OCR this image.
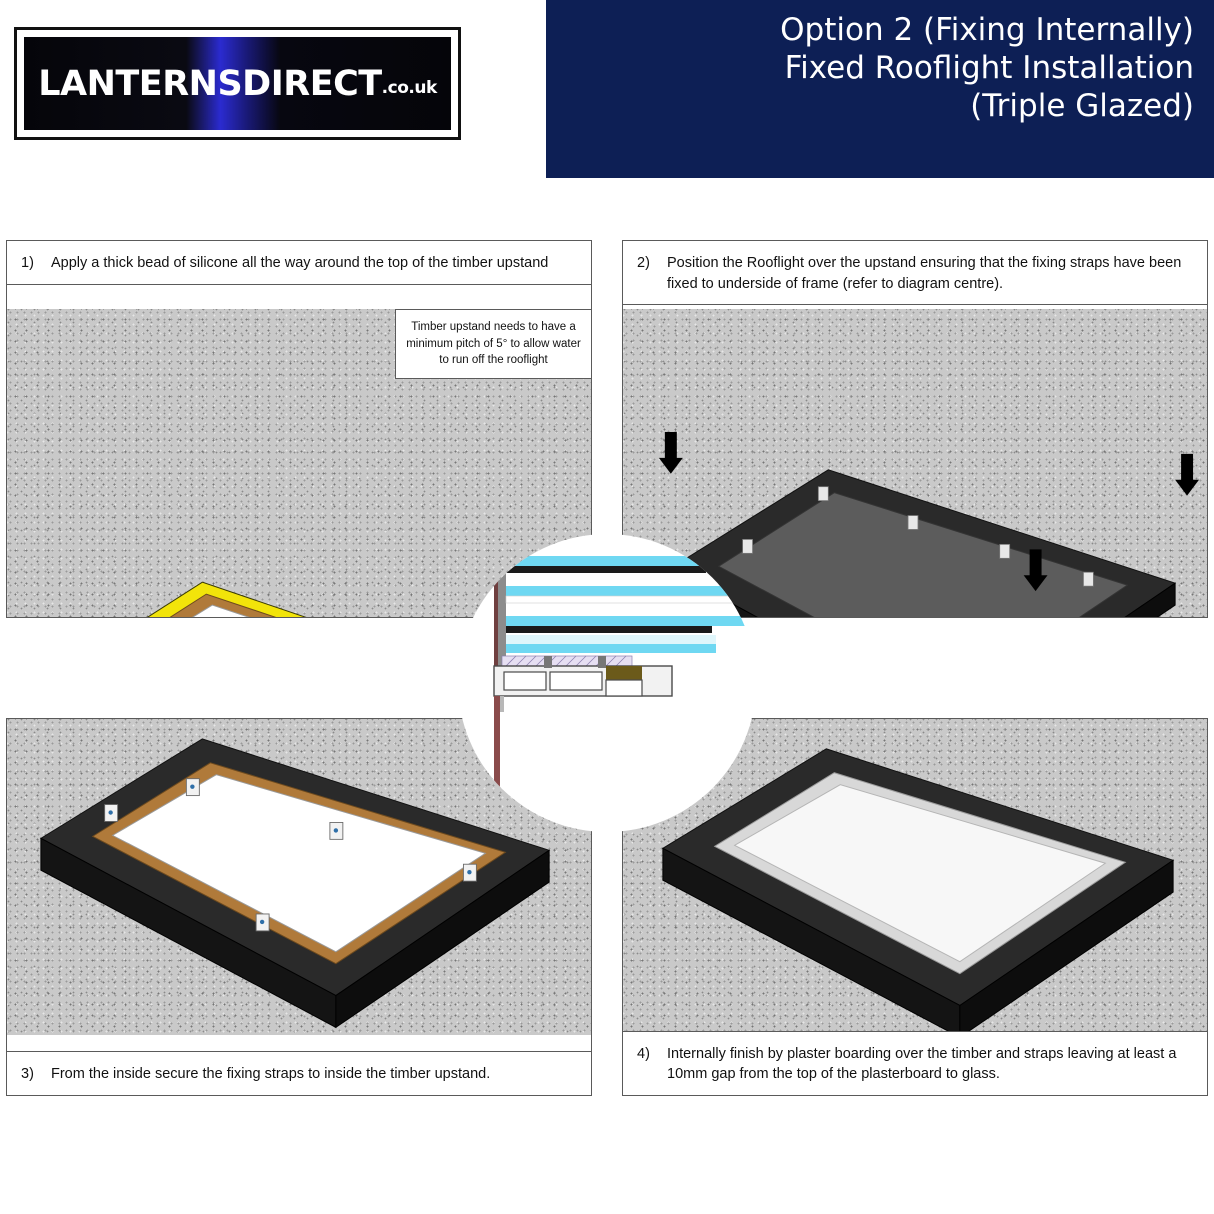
LANTERNSDIRECT.co.uk
Option 2 (Fixing Internally)
Fixed Rooflight Installation
(Triple Glazed)
1)	Apply a thick bead of silicone all the way around the top of the timber upstand
Timber upstand needs to have a minimum pitch of 5° to allow water to run off the rooflight
2)	Position the Rooflight over the upstand ensuring that the fixing straps have been fixed to underside of frame (refer to diagram centre).
3)	From the inside secure the fixing straps to inside the timber upstand.
4)	Internally finish by plaster boarding over the timber and straps leaving at least a 10mm gap from the top of the plasterboard to glass.
